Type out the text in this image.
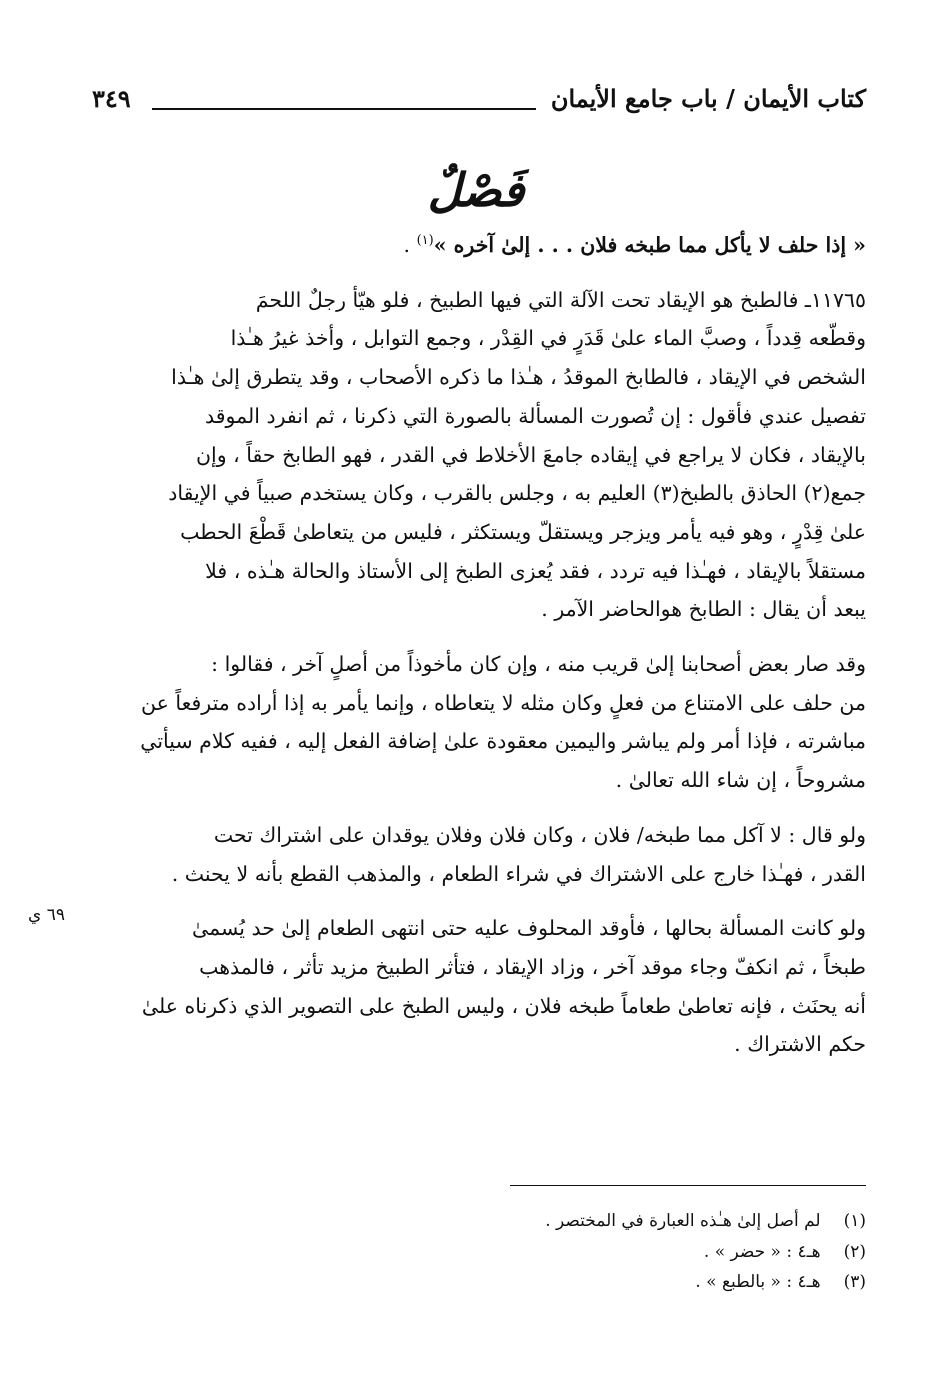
كتاب الأيمان / باب جامع الأيمان
٣٤٩
فَصْلٌ
« إذا حلف لا يأكل مما طبخه فلان . . . إلىٰ آخره »$^{(١)}$ .

١١٧٦٥ـ فالطبخ هو الإيقاد تحت الآلة التي فيها الطبيخ ، فلو هيّأ رجلٌ اللحمَ
وقطّعه قِدداً ، وصبَّ الماء علىٰ قَدَرٍ في القِدْر ، وجمع التوابل ، وأخذ غيرُ هـٰذا
الشخص في الإيقاد ، فالطابخ الموقدُ ، هـٰذا ما ذكره الأصحاب ، وقد يتطرق إلىٰ هـٰذا
تفصيل عندي فأقول : إن تُصورت المسألة بالصورة التي ذكرنا ، ثم انفرد الموقد
بالإيقاد ، فكان لا يراجع في إيقاده جامعَ الأخلاط في القدر ، فهو الطابخ حقاً ، وإن
جمع(٢) الحاذق بالطبخ(٣) العليم به ، وجلس بالقرب ، وكان يستخدم صبياً في الإيقاد
علىٰ قِدْرٍ ، وهو فيه يأمر ويزجر ويستقلّ ويستكثر ، فليس من يتعاطىٰ قَطْعَ الحطب
مستقلاً بالإيقاد ، فهـٰذا فيه تردد ، فقد يُعزى الطبخ إلى الأستاذ والحالة هـٰذه ، فلا
يبعد أن يقال : الطابخ هوالحاضر الآمر .

وقد صار بعض أصحابنا إلىٰ قريب منه ، وإن كان مأخوذاً من أصلٍ آخر ، فقالوا :
من حلف على الامتناع من فعلٍ وكان مثله لا يتعاطاه ، وإنما يأمر به إذا أراده مترفعاً عن
مباشرته ، فإذا أمر ولم يباشر واليمين معقودة علىٰ إضافة الفعل إليه ، ففيه كلام سيأتي
مشروحاً ، إن شاء الله تعالىٰ .

ولو قال : لا آكل مما طبخه/ فلان ، وكان فلان وفلان يوقدان على اشتراك تحت
القدر ، فهـٰذا خارج على الاشتراك في شراء الطعام ، والمذهب القطع بأنه لا يحنث .

ولو كانت المسألة بحالها ، فأوقد المحلوف عليه حتى انتهى الطعام إلىٰ حد يُسمىٰ
طبخاً ، ثم انكفّ وجاء موقد آخر ، وزاد الإيقاد ، فتأثر الطبيخ مزيد تأثر ، فالمذهب
أنه يحنَث ، فإنه تعاطىٰ طعاماً طبخه فلان ، وليس الطبخ على التصوير الذي ذكرناه علىٰ
حكم الاشتراك .

٦٩ ي
(١) لم أصل إلىٰ هـٰذه العبارة في المختصر .
(٢) هـ٤ : « حضر » .
(٣) هـ٤ : « بالطبع » .
